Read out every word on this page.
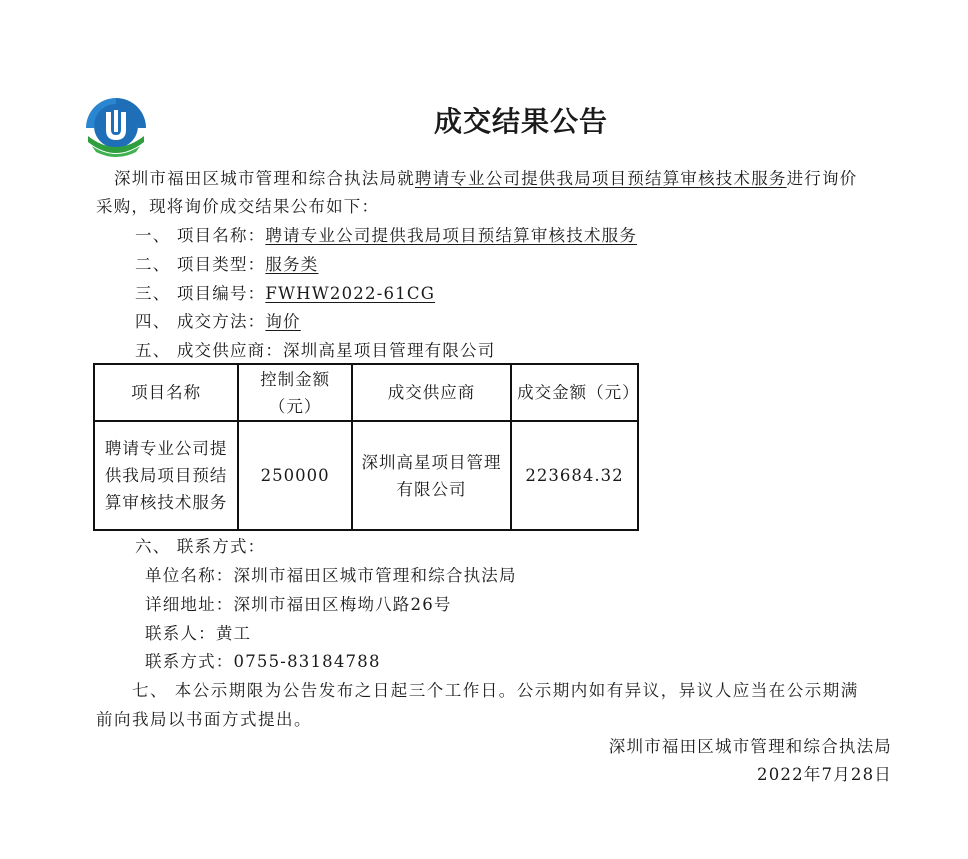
成交结果公告

深圳市福田区城市管理和综合执法局就聘请专业公司提供我局项目预结算审核技术服务进行询价采购，现将询价成交结果公布如下：

一、 项目名称：聘请专业公司提供我局项目预结算审核技术服务
二、 项目类型：服务类
三、 项目编号：FWHW2022-61CG
四、 成交方法：询价
五、 成交供应商：深圳高星项目管理有限公司
项目名称	控制金额（元）	成交供应商	成交金额（元）
聘请专业公司提供我局项目预结算审核技术服务	250000	深圳高星项目管理有限公司	223684.32
六、 联系方式：
单位名称：深圳市福田区城市管理和综合执法局
详细地址：深圳市福田区梅坳八路26号
联系人：黄工
联系方式：0755-83184788

七、 本公示期限为公告发布之日起三个工作日。公示期内如有异议，异议人应当在公示期满前向我局以书面方式提出。

深圳市福田区城市管理和综合执法局
2022年7月28日
